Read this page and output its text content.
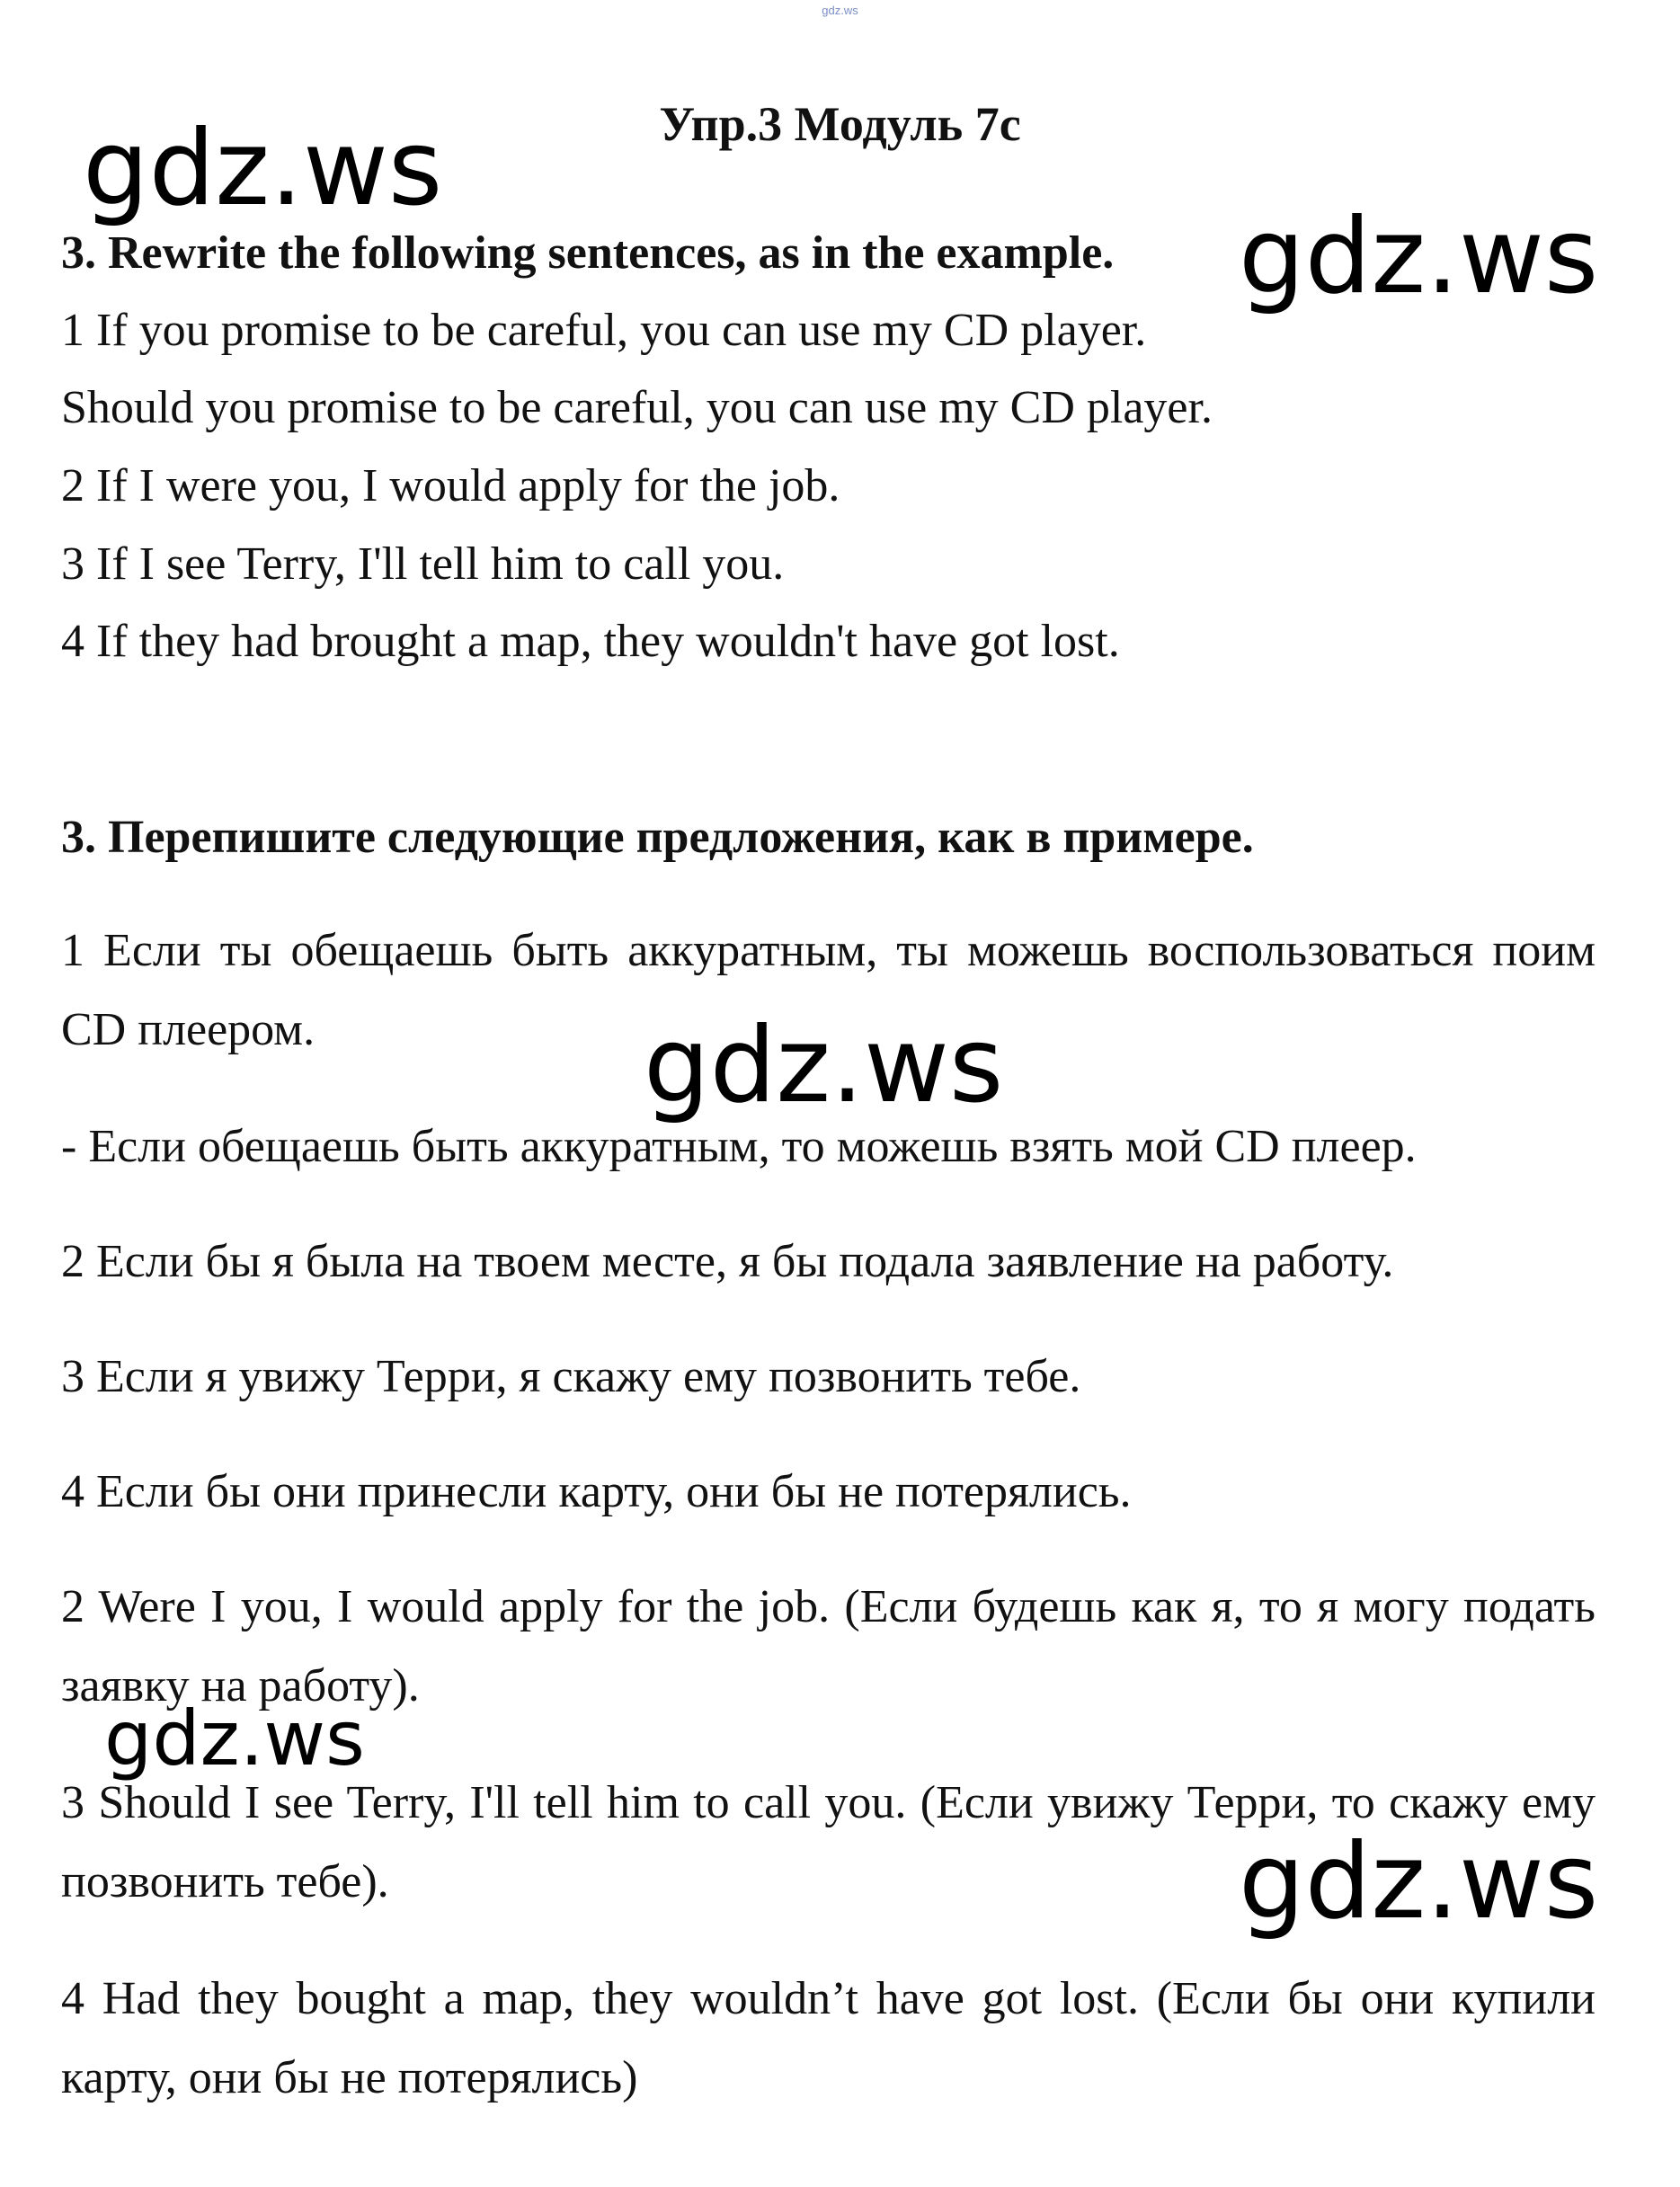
gdz.ws
Упр.3 Модуль 7с
3. Rewrite the following sentences, as in the example.
1 If you promise to be careful, you can use my CD player.
Should you promise to be careful, you can use my CD player.
2 If I were you, I would apply for the job.
3 If I see Terry, I'll tell him to call you.
4 If they had brought a map, they wouldn't have got lost.
3. Перепишите следующие предложения, как в примере.
1 Если ты обещаешь быть аккуратным, ты можешь воспользоваться поим CD плеером.
- Если обещаешь быть аккуратным, то можешь взять мой CD плеер.
2 Если бы я была на твоем месте, я бы подала заявление на работу.
3 Если я увижу Терри, я скажу ему позвонить тебе.
4 Если бы они принесли карту, они бы не потерялись.
2 Were I you, I would apply for the job. (Если будешь как я, то я могу подать заявку на работу).
3 Should I see Terry, I'll tell him to call you. (Если увижу Терри, то скажу ему позвонить тебе).
4 Had they bought a map, they wouldn’t have got lost. (Если бы они купили карту, они бы не потерялись)
gdz.ws
gdz.ws
gdz.ws
gdz.ws
gdz.ws
